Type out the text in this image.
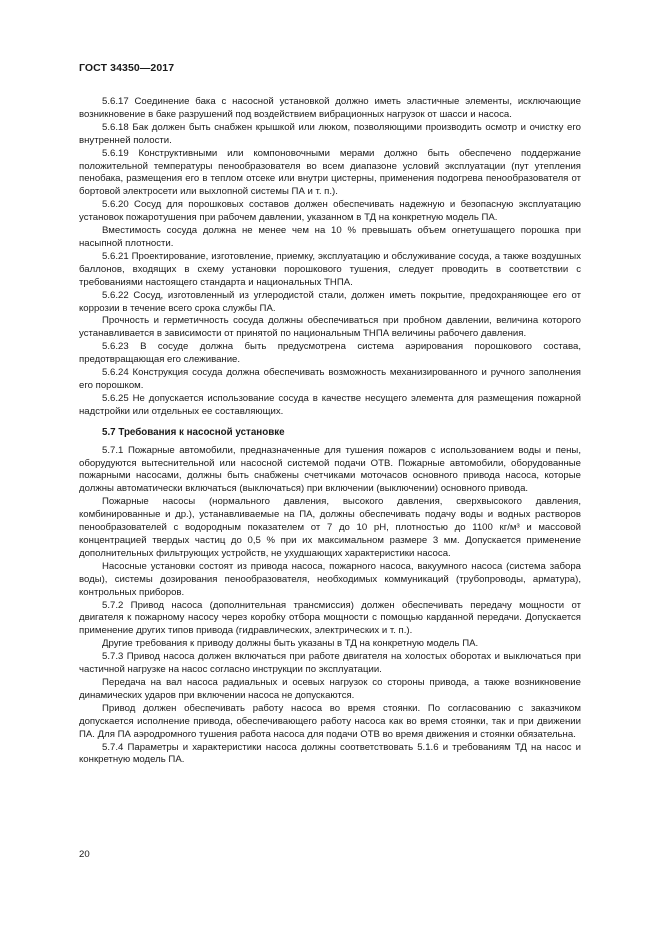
ГОСТ 34350—2017

5.6.17 Соединение бака с насосной установкой должно иметь эластичные элементы, исключающие возникновение в баке разрушений под воздействием вибрационных нагрузок от шасси и насоса.

5.6.18 Бак должен быть снабжен крышкой или люком, позволяющими производить осмотр и очистку его внутренней полости.

5.6.19 Конструктивными или компоновочными мерами должно быть обеспечено поддержание положительной температуры пенообразователя во всем диапазоне условий эксплуатации (пут утепления пенобака, размещения его в теплом отсеке или внутри цистерны, применения подогрева пенообразователя от бортовой электросети или выхлопной системы ПА и т. п.).

5.6.20 Сосуд для порошковых составов должен обеспечивать надежную и безопасную эксплуатацию установок пожаротушения при рабочем давлении, указанном в ТД на конкретную модель ПА.

Вместимость сосуда должна не менее чем на 10 % превышать объем огнетушащего порошка при насыпной плотности.

5.6.21 Проектирование, изготовление, приемку, эксплуатацию и обслуживание сосуда, а также воздушных баллонов, входящих в схему установки порошкового тушения, следует проводить в соответствии с требованиями настоящего стандарта и национальных ТНПА.

5.6.22 Сосуд, изготовленный из углеродистой стали, должен иметь покрытие, предохраняющее его от коррозии в течение всего срока службы ПА.

Прочность и герметичность сосуда должны обеспечиваться при пробном давлении, величина которого устанавливается в зависимости от принятой по национальным ТНПА величины рабочего давления.

5.6.23 В сосуде должна быть предусмотрена система аэрирования порошкового состава, предотвращающая его слеживание.

5.6.24 Конструкция сосуда должна обеспечивать возможность механизированного и ручного заполнения его порошком.

5.6.25 Не допускается использование сосуда в качестве несущего элемента для размещения пожарной надстройки или отдельных ее составляющих.

5.7 Требования к насосной установке

5.7.1 Пожарные автомобили, предназначенные для тушения пожаров с использованием воды и пены, оборудуются вытеснительной или насосной системой подачи ОТВ. Пожарные автомобили, оборудованные пожарными насосами, должны быть снабжены счетчиками моточасов основного привода насоса, которые должны автоматически включаться (выключаться) при включении (выключении) основного привода.

Пожарные насосы (нормального давления, высокого давления, сверхвысокого давления, комбинированные и др.), устанавливаемые на ПА, должны обеспечивать подачу воды и водных растворов пенообразователей с водородным показателем от 7 до 10 pH, плотностью до 1100 кг/м³ и массовой концентрацией твердых частиц до 0,5 % при их максимальном размере 3 мм. Допускается применение дополнительных фильтрующих устройств, не ухудшающих характеристики насоса.

Насосные установки состоят из привода насоса, пожарного насоса, вакуумного насоса (система забора воды), системы дозирования пенообразователя, необходимых коммуникаций (трубопроводы, арматура), контрольных приборов.

5.7.2 Привод насоса (дополнительная трансмиссия) должен обеспечивать передачу мощности от двигателя к пожарному насосу через коробку отбора мощности с помощью карданной передачи. Допускается применение других типов привода (гидравлических, электрических и т. п.).

Другие требования к приводу должны быть указаны в ТД на конкретную модель ПА.

5.7.3 Привод насоса должен включаться при работе двигателя на холостых оборотах и выключаться при частичной нагрузке на насос согласно инструкции по эксплуатации.

Передача на вал насоса радиальных и осевых нагрузок со стороны привода, а также возникновение динамических ударов при включении насоса не допускаются.

Привод должен обеспечивать работу насоса во время стоянки. По согласованию с заказчиком допускается исполнение привода, обеспечивающего работу насоса как во время стоянки, так и при движении ПА. Для ПА аэродромного тушения работа насоса для подачи ОТВ во время движения и стоянки обязательна.

5.7.4 Параметры и характеристики насоса должны соответствовать 5.1.6 и требованиям ТД на насос и конкретную модель ПА.

20
